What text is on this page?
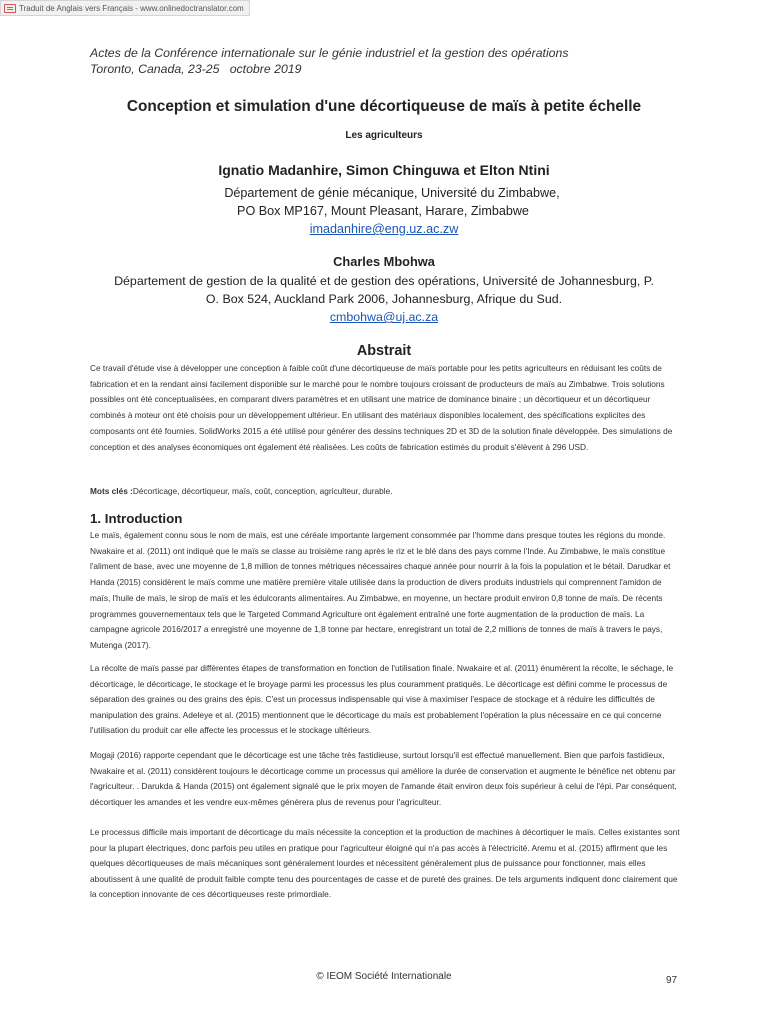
Traduit de Anglais vers Français - www.onlinedoctranslator.com
Actes de la Conférence internationale sur le génie industriel et la gestion des opérations
Toronto, Canada, 23-25   octobre 2019
Conception et simulation d'une décortiqueuse de maïs à petite échelle
Les agriculteurs
Ignatio Madanhire, Simon Chinguwa et Elton Ntini
Département de génie mécanique, Université du Zimbabwe,
PO Box MP167, Mount Pleasant, Harare, Zimbabwe
imadanhire@eng.uz.ac.zw
Charles Mbohwa
Département de gestion de la qualité et de gestion des opérations, Université de Johannesburg, P.
O. Box 524, Auckland Park 2006, Johannesburg, Afrique du Sud.
cmbohwa@uj.ac.za
Abstrait
Ce travail d'étude vise à développer une conception à faible coût d'une décortiqueuse de maïs portable pour les petits agriculteurs en réduisant les coûts de fabrication et en la rendant ainsi facilement disponible sur le marché pour le nombre toujours croissant de producteurs de maïs au Zimbabwe. Trois solutions possibles ont été conceptualisées, en comparant divers paramètres et en utilisant une matrice de dominance binaire ; un décortiqueur et un décortiqueur combinés à moteur ont été choisis pour un développement ultérieur. En utilisant des matériaux disponibles localement, des spécifications explicites des composants ont été fournies. SolidWorks 2015 a été utilisé pour générer des dessins techniques 2D et 3D de la solution finale développée. Des simulations de conception et des analyses économiques ont également été réalisées. Les coûts de fabrication estimés du produit s'élèvent à 296 USD.
Mots clés :Décorticage, décortiqueur, maïs, coût, conception, agriculteur, durable.
1. Introduction
Le maïs, également connu sous le nom de maïs, est une céréale importante largement consommée par l'homme dans presque toutes les régions du monde. Nwakaire et al. (2011) ont indiqué que le maïs se classe au troisième rang après le riz et le blé dans des pays comme l'Inde. Au Zimbabwe, le maïs constitue l'aliment de base, avec une moyenne de 1,8 million de tonnes métriques nécessaires chaque année pour nourrir à la fois la population et le bétail. Darudkar et Handa (2015) considèrent le maïs comme une matière première vitale utilisée dans la production de divers produits industriels qui comprennent l'amidon de maïs, l'huile de maïs, le sirop de maïs et les édulcorants alimentaires. Au Zimbabwe, en moyenne, un hectare produit environ 0,8 tonne de maïs. De récents programmes gouvernementaux tels que le Targeted Command Agriculture ont également entraîné une forte augmentation de la production de maïs. La campagne agricole 2016/2017 a enregistré une moyenne de 1,8 tonne par hectare, enregistrant un total de 2,2 millions de tonnes de maïs à travers le pays, Mutenga (2017).
La récolte de maïs passe par différentes étapes de transformation en fonction de l'utilisation finale. Nwakaire et al. (2011) énumèrent la récolte, le séchage, le décorticage, le décorticage, le stockage et le broyage parmi les processus les plus couramment pratiqués. Le décorticage est défini comme le processus de séparation des graines ou des grains des épis. C'est un processus indispensable qui vise à maximiser l'espace de stockage et à réduire les difficultés de manipulation des grains. Adeleye et al. (2015) mentionnent que le décorticage du maïs est probablement l'opération la plus nécessaire en ce qui concerne l'utilisation du produit car elle affecte les processus et le stockage ultérieurs.
Mogaji (2016) rapporte cependant que le décorticage est une tâche très fastidieuse, surtout lorsqu'il est effectué manuellement. Bien que parfois fastidieux, Nwakaire et al. (2011) considèrent toujours le décorticage comme un processus qui améliore la durée de conservation et augmente le bénéfice net obtenu par l'agriculteur. . Darukda & Handa (2015) ont également signalé que le prix moyen de l'amande était environ deux fois supérieur à celui de l'épi. Par conséquent, décortiquer les amandes et les vendre eux-mêmes générera plus de revenus pour l'agriculteur.
Le processus difficile mais important de décorticage du maïs nécessite la conception et la production de machines à décortiquer le maïs. Celles existantes sont pour la plupart électriques, donc parfois peu utiles en pratique pour l'agriculteur éloigné qui n'a pas accès à l'électricité. Aremu et al. (2015) affirment que les quelques décortiqueuses de maïs mécaniques sont généralement lourdes et nécessitent généralement plus de puissance pour fonctionner, mais elles aboutissent à une qualité de produit faible compte tenu des pourcentages de casse et de pureté des graines. De tels arguments indiquent donc clairement que la conception innovante de ces décortiqueuses reste primordiale.
© IEOM Société Internationale	97
